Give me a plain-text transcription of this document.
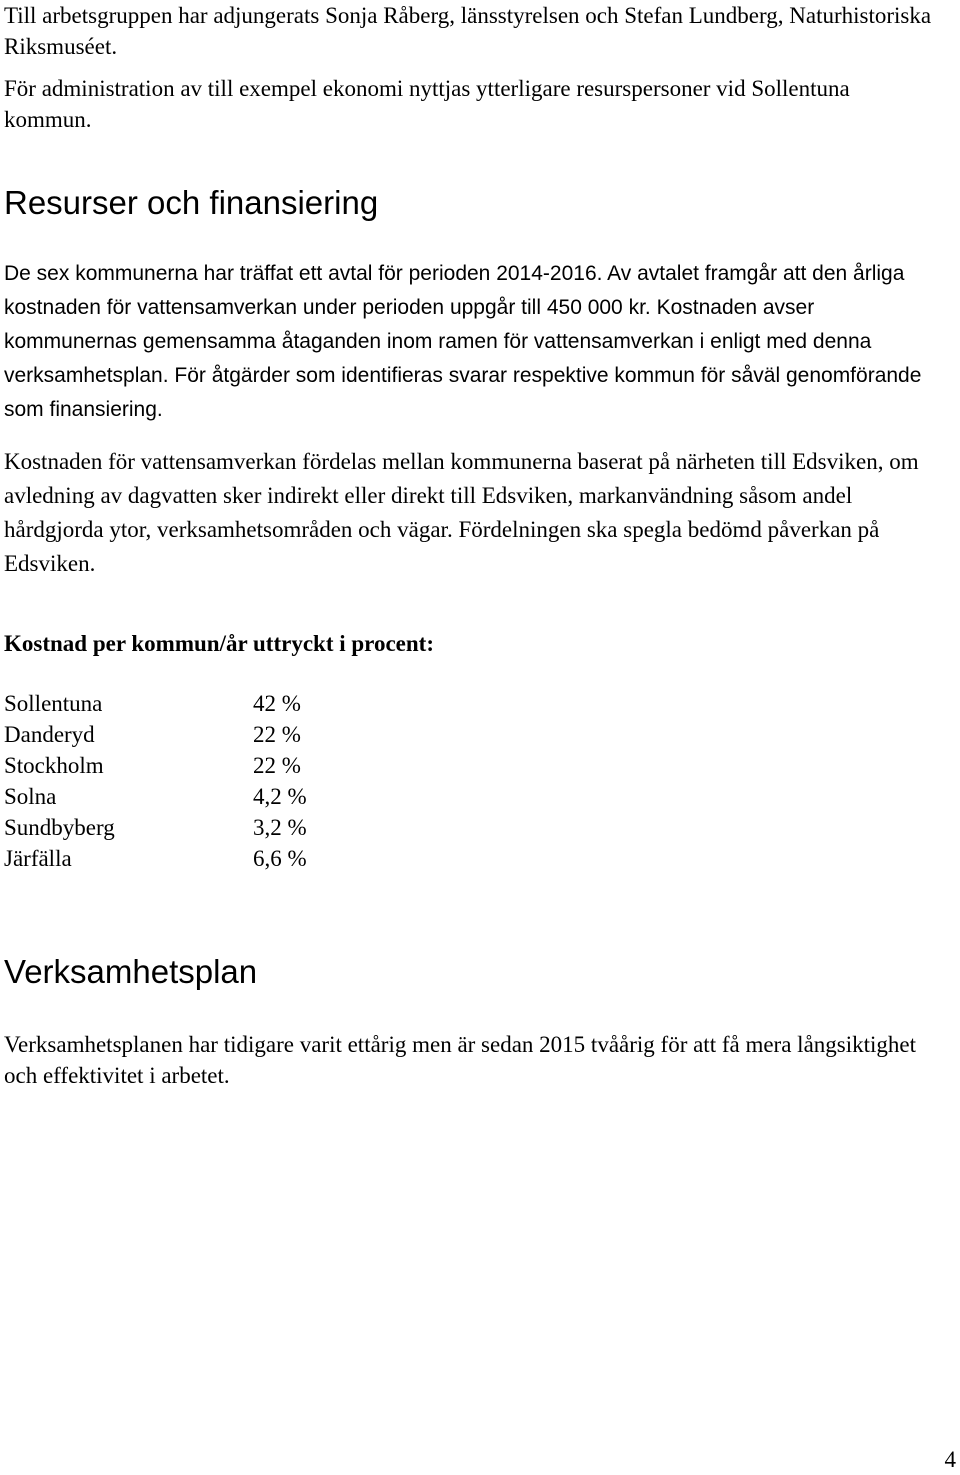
Till arbetsgruppen har adjungerats Sonja Råberg, länsstyrelsen och Stefan Lundberg, Naturhistoriska Riksmuséet.

För administration av till exempel ekonomi nyttjas ytterligare resurspersoner vid Sollentuna kommun.

Resurser och finansiering

De sex kommunerna har träffat ett avtal för perioden 2014-2016. Av avtalet framgår att den årliga kostnaden för vattensamverkan under perioden uppgår till 450 000 kr. Kostnaden avser kommunernas gemensamma åtaganden inom ramen för vattensamverkan i enligt med denna verksamhetsplan. För åtgärder som identifieras svarar respektive kommun för såväl genomförande som finansiering.

Kostnaden för vattensamverkan fördelas mellan kommunerna baserat på närheten till Edsviken, om avledning av dagvatten sker indirekt eller direkt till Edsviken, markanvändning såsom andel hårdgjorda ytor, verksamhetsområden och vägar. Fördelningen ska spegla bedömd påverkan på Edsviken.

Kostnad per kommun/år uttryckt i procent:

Sollentuna	42 %
Danderyd	22 %
Stockholm	22 %
Solna	4,2 %
Sundbyberg	3,2 %
Järfälla	6,6 %
Verksamhetsplan

Verksamhetsplanen har tidigare varit ettårig men är sedan 2015 tvåårig för att få mera långsiktighet och effektivitet i arbetet.

4
